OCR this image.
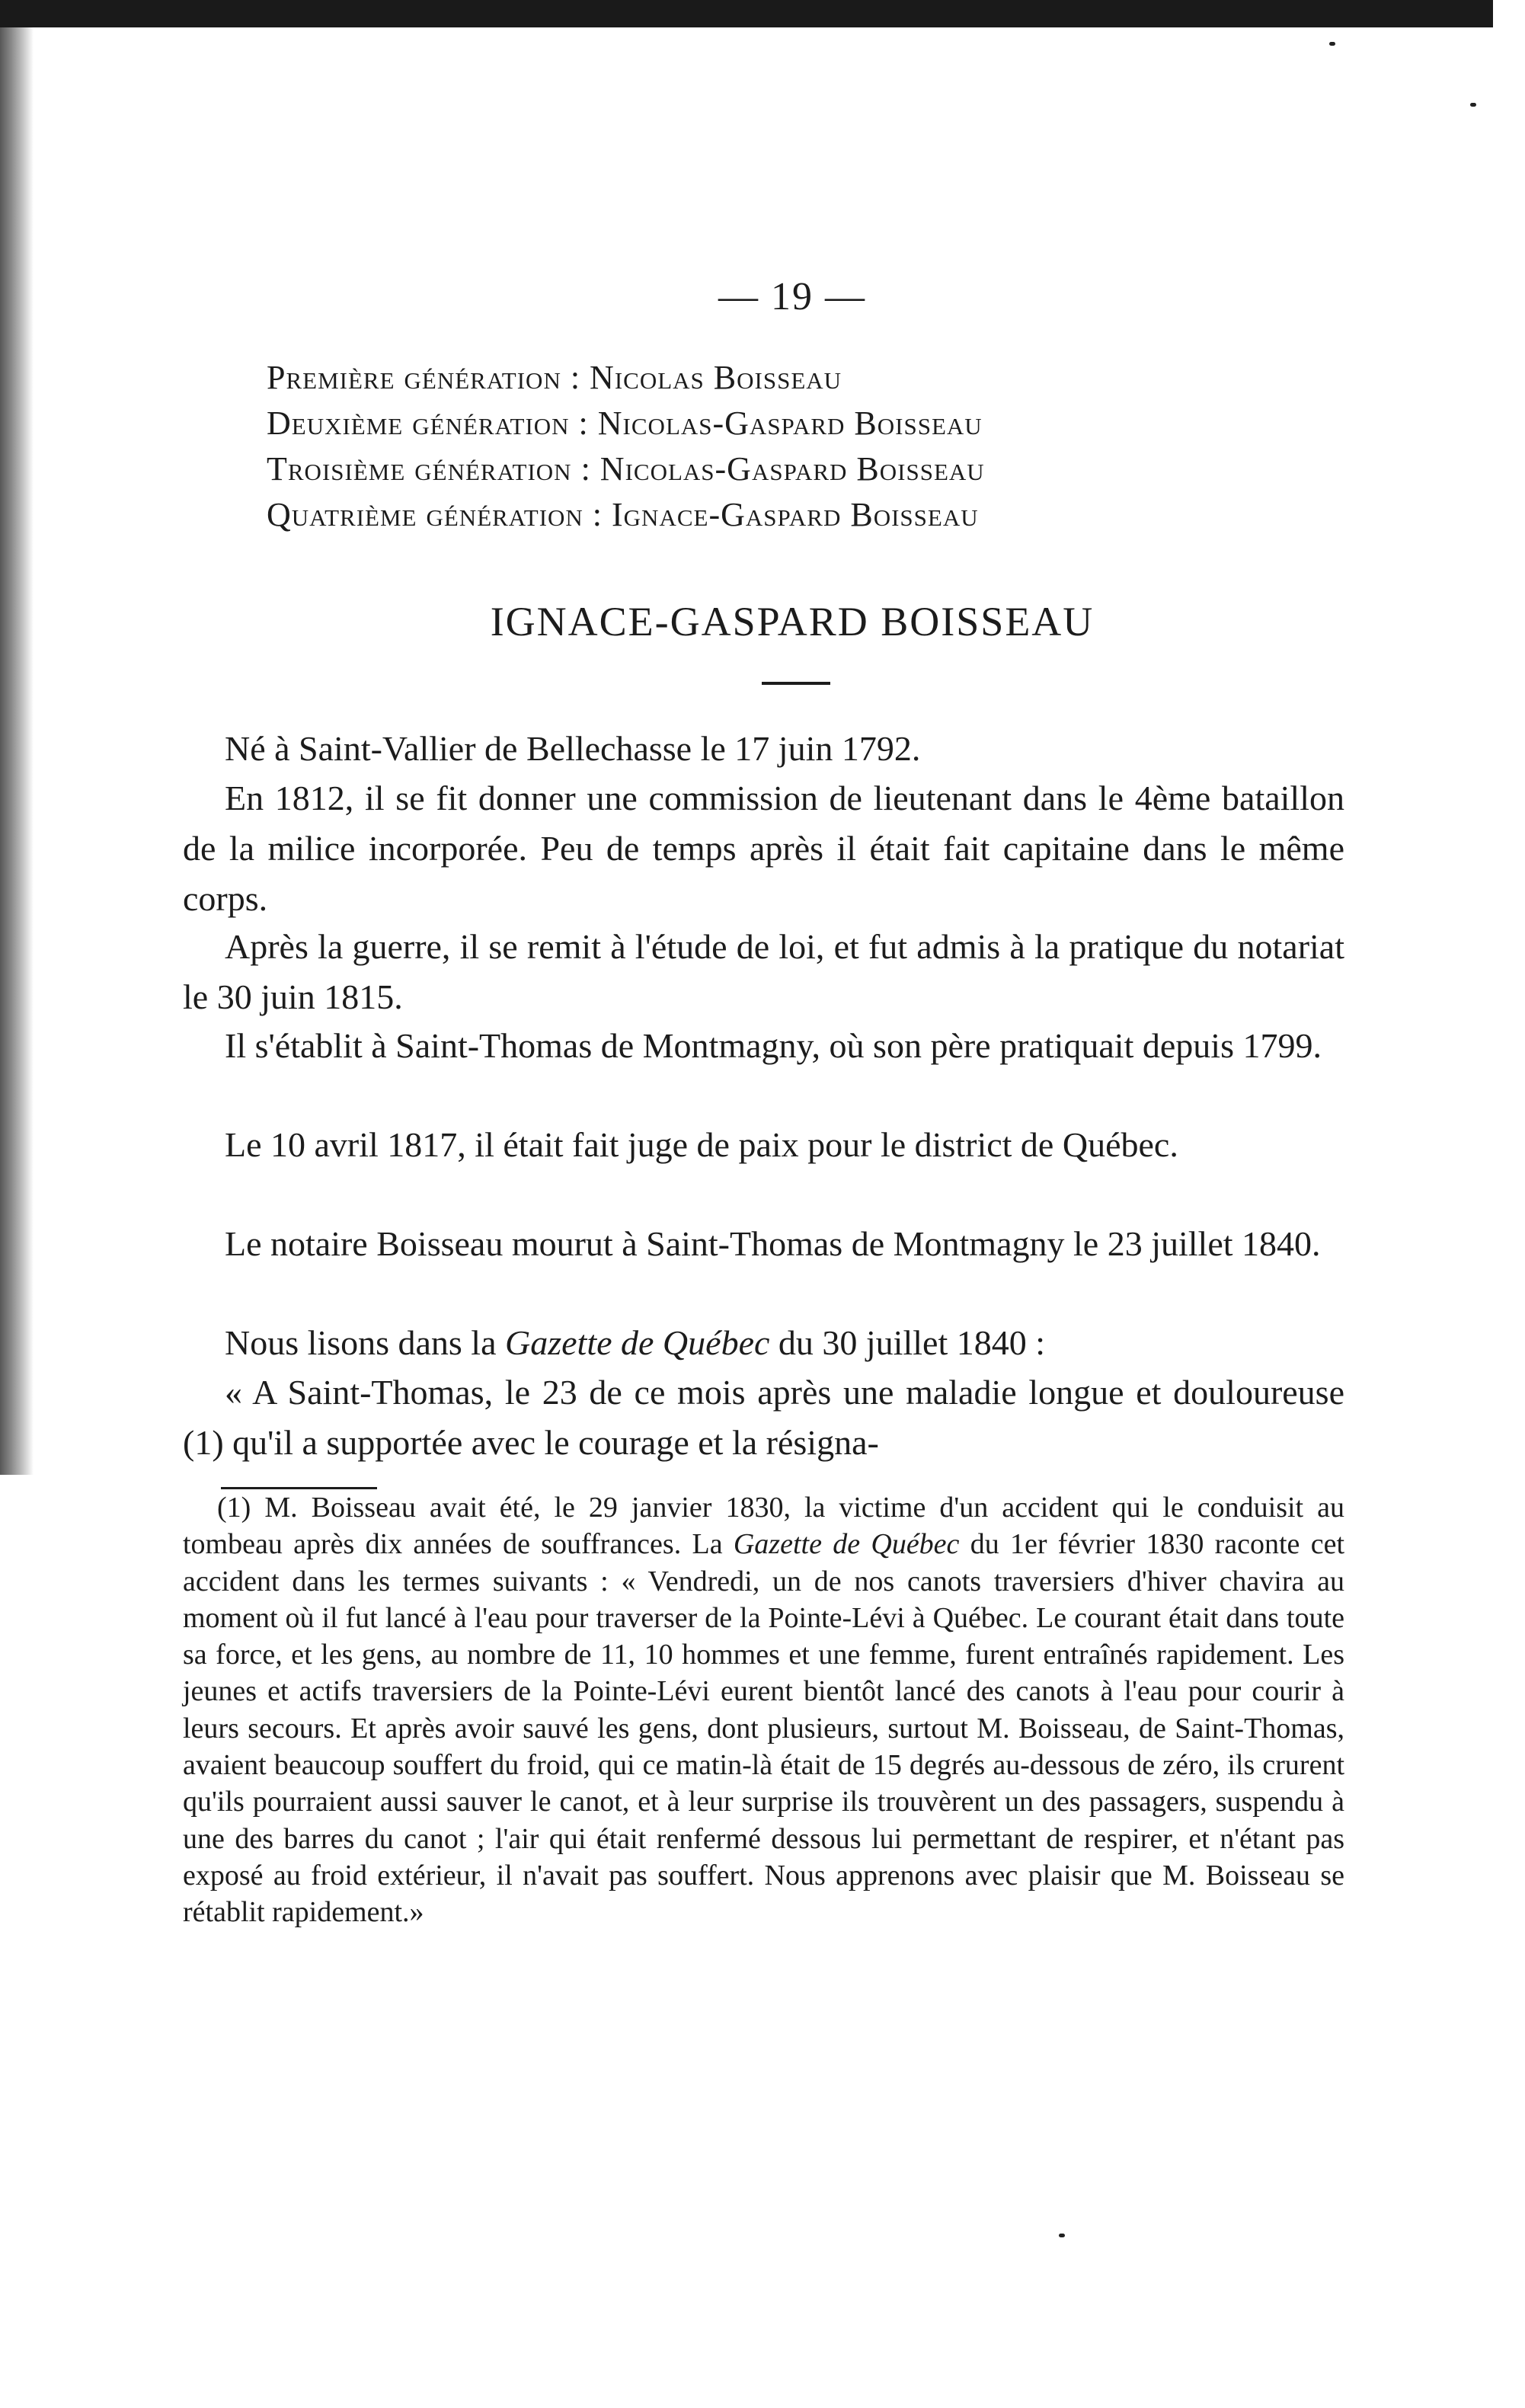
— 19 —
Première génération : Nicolas Boisseau
Deuxième génération : Nicolas-Gaspard Boisseau
Troisième génération : Nicolas-Gaspard Boisseau
Quatrième génération : Ignace-Gaspard Boisseau
IGNACE-GASPARD BOISSEAU

Né à Saint-Vallier de Bellechasse le 17 juin 1792.

En 1812, il se fit donner une commission de lieutenant dans le 4ème bataillon de la milice incorporée. Peu de temps après il était fait capitaine dans le même corps.

Après la guerre, il se remit à l'étude de loi, et fut admis à la pratique du notariat le 30 juin 1815.

Il s'établit à Saint-Thomas de Montmagny, où son père pratiquait depuis 1799.

Le 10 avril 1817, il était fait juge de paix pour le district de Québec.

Le notaire Boisseau mourut à Saint-Thomas de Montmagny le 23 juillet 1840.

Nous lisons dans la Gazette de Québec du 30 juillet 1840 :

« A Saint-Thomas, le 23 de ce mois après une maladie longue et douloureuse (1) qu'il a supportée avec le courage et la résigna-

(1) M. Boisseau avait été, le 29 janvier 1830, la victime d'un accident qui le conduisit au tombeau après dix années de souffrances. La Gazette de Québec du 1er février 1830 raconte cet accident dans les termes suivants : « Vendredi, un de nos canots traversiers d'hiver chavira au moment où il fut lancé à l'eau pour traverser de la Pointe-Lévi à Québec. Le courant était dans toute sa force, et les gens, au nombre de 11, 10 hommes et une femme, furent entraînés rapidement. Les jeunes et actifs traversiers de la Pointe-Lévi eurent bientôt lancé des canots à l'eau pour courir à leurs secours. Et après avoir sauvé les gens, dont plusieurs, surtout M. Boisseau, de Saint-Thomas, avaient beaucoup souffert du froid, qui ce matin-là était de 15 degrés au-dessous de zéro, ils crurent qu'ils pourraient aussi sauver le canot, et à leur surprise ils trouvèrent un des passagers, suspendu à une des barres du canot ; l'air qui était renfermé dessous lui permettant de respirer, et n'étant pas exposé au froid extérieur, il n'avait pas souffert. Nous apprenons avec plaisir que M. Boisseau se rétablit rapidement.»
